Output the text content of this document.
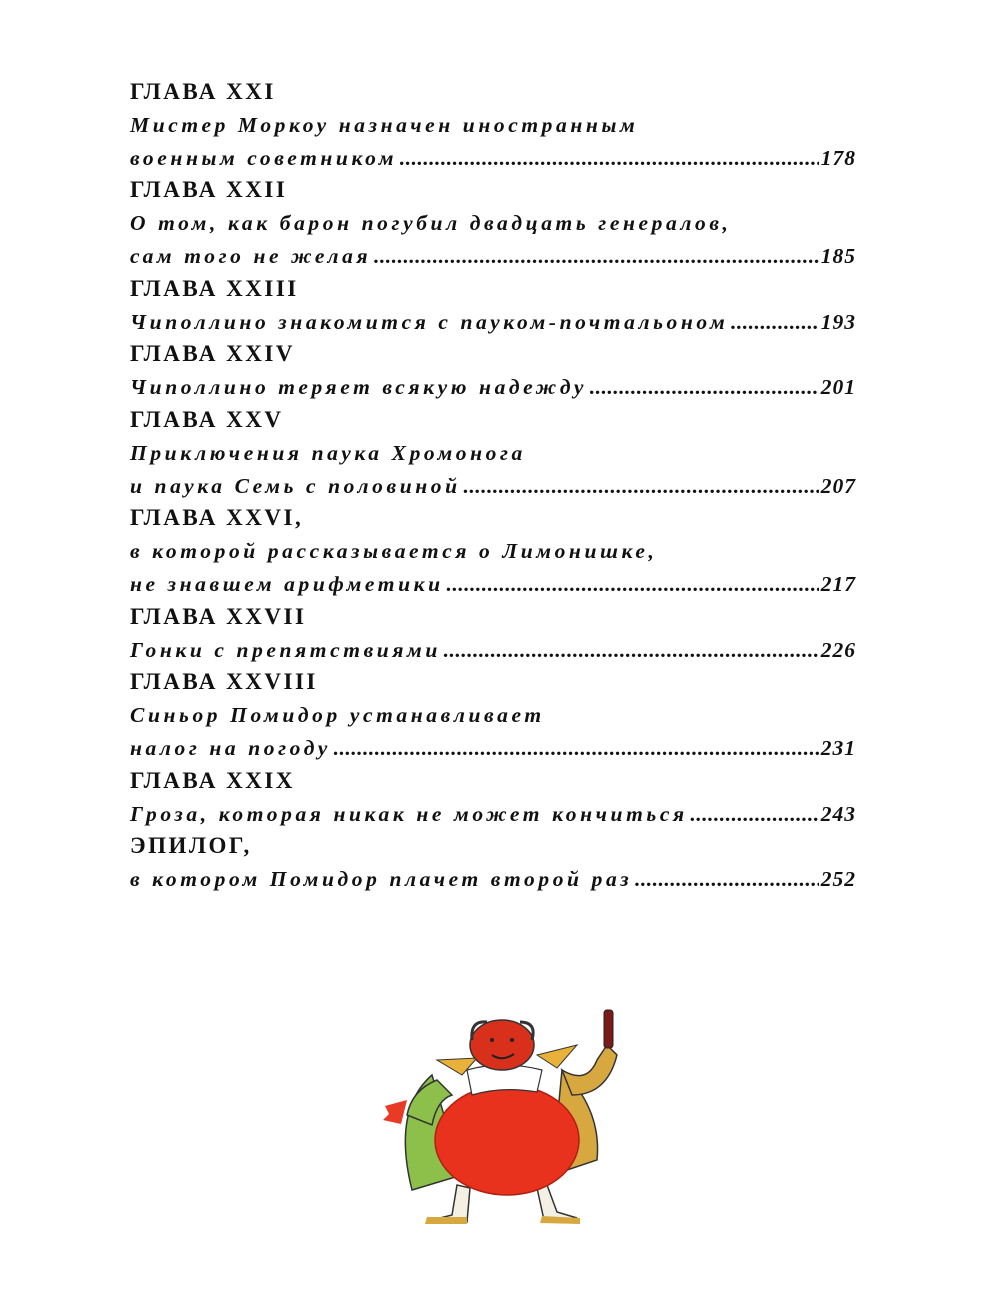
ГЛАВА XXI
Мистер Моркоу назначен иностранным
военным советником .....	178
ГЛАВА XXII
О том, как барон погубил двадцать генералов,
сам того не желая .....	185
ГЛАВА XXIII
Чиполлино знакомится с пауком-почтальоном .....	193
ГЛАВА XXIV
Чиполлино теряет всякую надежду .....	201
ГЛАВА XXV
Приключения паука Хромонога
и паука Семь с половиной .....	207
ГЛАВА XXVI,
в которой рассказывается о Лимонишке,
не знавшем арифметики .....	217
ГЛАВА XXVII
Гонки с препятствиями .....	226
ГЛАВА XXVIII
Синьор Помидор устанавливает
налог на погоду .....	231
ГЛАВА XXIX
Гроза, которая никак не может кончиться .....	243
ЭПИЛОГ,
в котором Помидор плачет второй раз .....	252
